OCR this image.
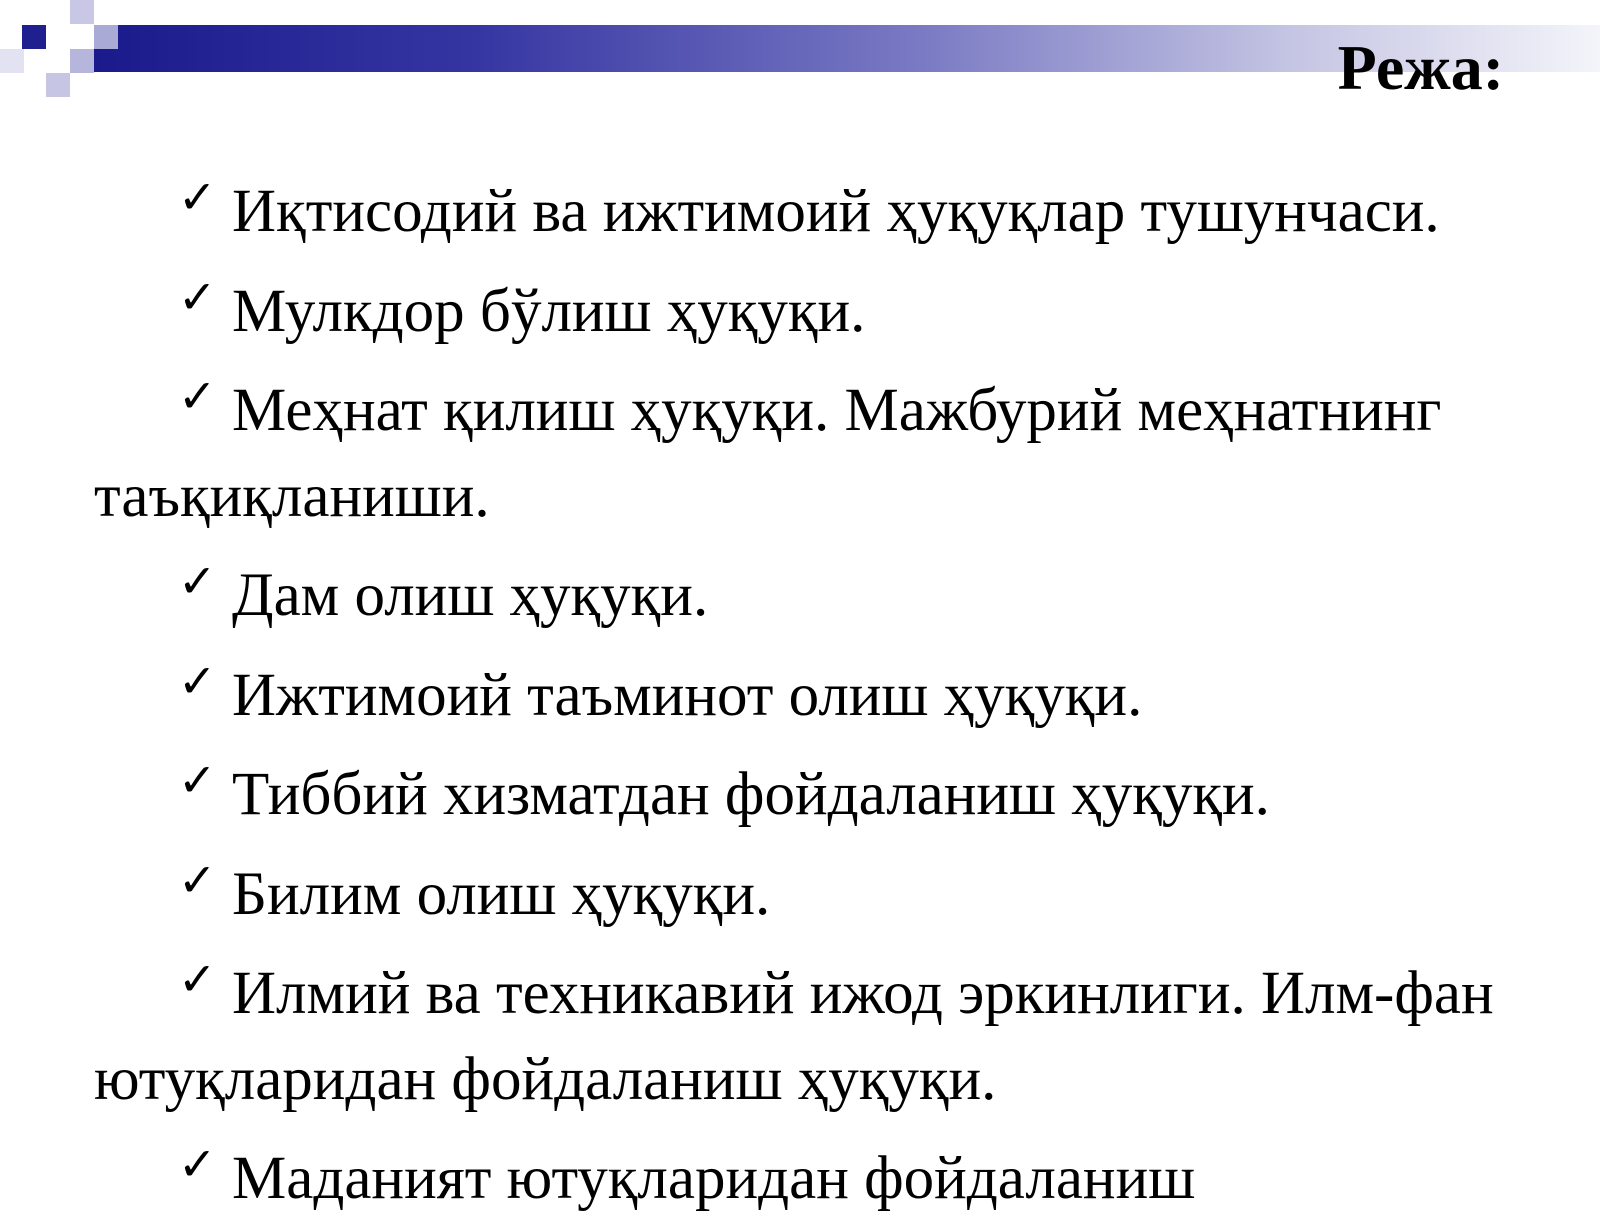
Режа:
✓ Иқтисодий ва ижтимоий ҳуқуқлар тушунчаси.
✓ Мулкдор бўлиш ҳуқуқи.
✓ Меҳнат қилиш ҳуқуқи. Мажбурий меҳнатнинг таъқиқланиши.
✓ Дам олиш ҳуқуқи.
✓ Ижтимоий таъминот олиш ҳуқуқи.
✓ Тиббий хизматдан фойдаланиш ҳуқуқи.
✓ Билим олиш ҳуқуқи.
✓ Илмий ва техникавий ижод эркинлиги. Илм-фан ютуқларидан фойдаланиш ҳуқуқи.
✓ Маданият ютуқларидан фойдаланиш
